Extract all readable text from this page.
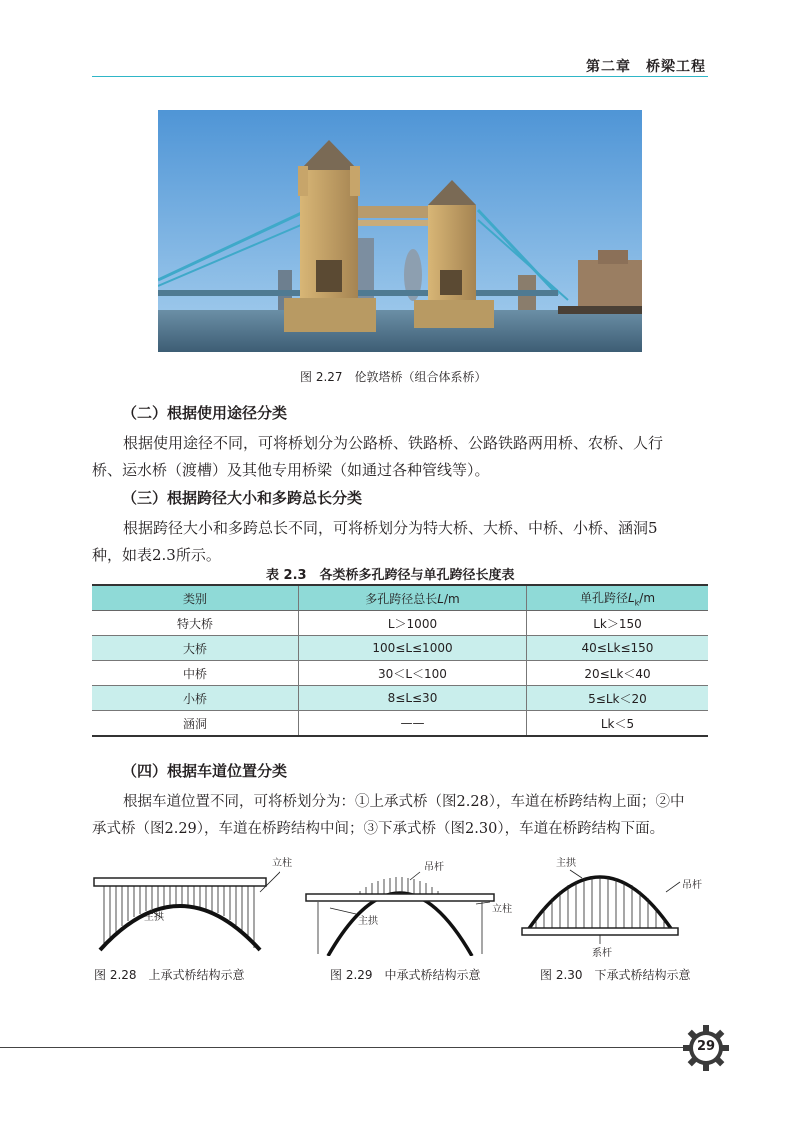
第二章　桥梁工程
图 2.27　伦敦塔桥（组合体系桥）
（二）根据使用途径分类
根据使用途径不同，可将桥划分为公路桥、铁路桥、公路铁路两用桥、农桥、人行
桥、运水桥（渡槽）及其他专用桥梁（如通过各种管线等）。
（三）根据跨径大小和多跨总长分类
根据跨径大小和多跨总长不同，可将桥划分为特大桥、大桥、中桥、小桥、涵洞5
种，如表2.3所示。
表 2.3　各类桥多孔跨径与单孔跨径长度表
类别	多孔跨径总长L/m	单孔跨径$L_k/m$
特大桥	L＞1000	Lk＞150
大桥	100≤L≤1000	40≤Lk≤150
中桥	30＜L＜100	20≤Lk＜40
小桥	8≤L≤30	5≤Lk＜20
涵洞	——	Lk＜5
（四）根据车道位置分类
根据车道位置不同，可将桥划分为：①上承式桥（图2.28），车道在桥跨结构上面；②中
承式桥（图2.29），车道在桥跨结构中间；③下承式桥（图2.30），车道在桥跨结构下面。
立柱
主拱
图 2.28　上承式桥结构示意
吊杆
主拱
立柱
图 2.29　中承式桥结构示意
主拱
吊杆
系杆
图 2.30　下承式桥结构示意
29
